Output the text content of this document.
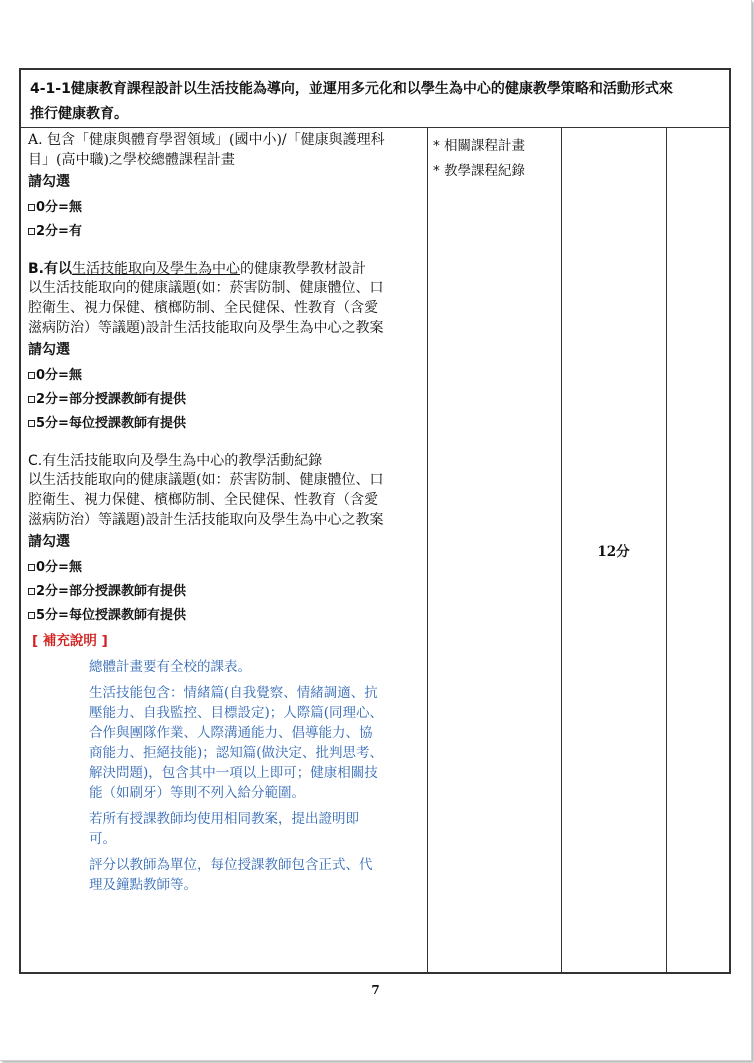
4-1-1健康教育課程設計以生活技能為導向，並運用多元化和以學生為中心的健康教學策略和活動形式來
推行健康教育。
A. 包含「健康與體育學習領域」(國中小)/「健康與護理科
目」(高中職)之學校總體課程計畫
請勾選
0分=無
2分=有
B.有以生活技能取向及學生為中心的健康教學教材設計
以生活技能取向的健康議題(如：菸害防制、健康體位、口
腔衛生、視力保健、檳榔防制、全民健保、性教育（含愛
滋病防治）等議題)設計生活技能取向及學生為中心之教案
請勾選
0分=無
2分=部分授課教師有提供
5分=每位授課教師有提供
C.有生活技能取向及學生為中心的教學活動紀錄
以生活技能取向的健康議題(如：菸害防制、健康體位、口
腔衛生、視力保健、檳榔防制、全民健保、性教育（含愛
滋病防治）等議題)設計生活技能取向及學生為中心之教案
請勾選
0分=無
2分=部分授課教師有提供
5分=每位授課教師有提供
[ 補充說明 ]

總體計畫要有全校的課表。

生活技能包含：情緒篇(自我覺察、情緒調適、抗
壓能力、自我監控、目標設定)；人際篇(同理心、
合作與團隊作業、人際溝通能力、倡導能力、協
商能力、拒絕技能)；認知篇(做決定、批判思考、
解決問題)，包含其中一項以上即可；健康相關技
能（如刷牙）等則不列入給分範圍。

若所有授課教師均使用相同教案，提出證明即
可。

評分以教師為單位，每位授課教師包含正式、代
理及鐘點教師等。

* 相關課程計畫
* 教學課程紀錄
12分
7
